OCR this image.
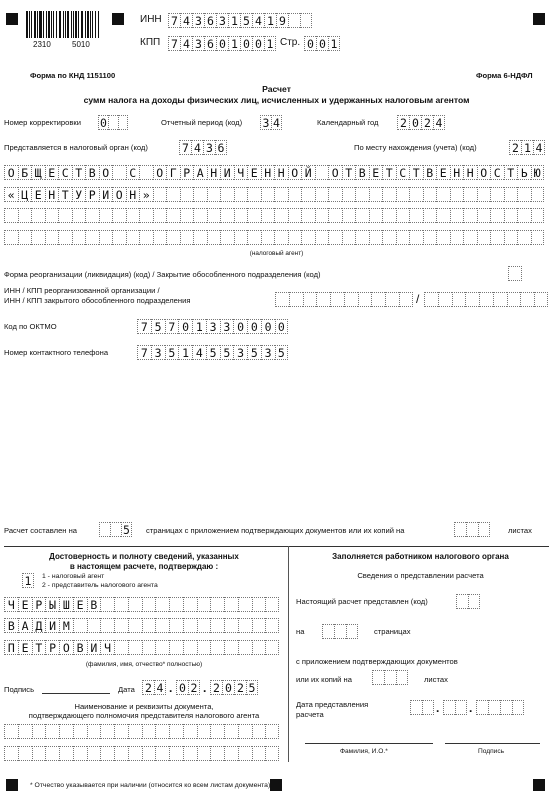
2310	5010
ИНН 7 4 3 6 3 1 5 4 1 9
КПП 7 4 3 6 0 1 0 0 1 Стр. 0 0 1
Форма по КНД 1151100	Форма 6-НДФЛ
Расчет
сумм налога на доходы физических лиц, исчисленных и удержанных налоговым агентом
Номер корректировки 0	Отчетный период (код) 3 4	Календарный год 2 0 2 4
Представляется в налоговый орган (код)	7 4 3 6	По месту нахождения (учета) (код)	2 1 4
О Б Щ Е С Т В О	С	О Г Р А Н И Ч Е Н Н О Й	О Т В Е Т С Т В Е Н Н О С Т Ь Ю
« Ц Е Н Т У Р И О Н »
(налоговый агент)
Форма реорганизации (ликвидация) (код) / Закрытие обособленного подразделения (код)
ИНН / КПП реорганизованной организации /
ИНН / КПП закрытого обособленного подразделения	/
Код по ОКТМО	7 5 7 0 1 3 3 0 0 0 0
Номер контактного телефона	7 3 5 1 4 5 5 3 5 3 5
Расчет составлен на	5 страницах с приложением подтверждающих документов или их копий на	листах
Достоверность и полноту сведений, указанных
в настоящем расчете, подтверждаю :
1	1 - налоговый агент
2 - представитель налогового агента
Ч Е Р Ы Ш Е В
В А Д И М
П Е Т Р О В И Ч
(фамилия, имя, отчество* полностью)
Подпись	Дата 2 4 . 0 2 . 2 0 2 5
Наименование и реквизиты документа,
подтверждающего полномочия представителя налогового агента
Заполняется работником налогового органа
Сведения о представлении расчета
Настоящий расчет представлен (код)
на	страницах
с приложением подтверждающих документов
или их копий на	листах
Дата представления
расчета	. .
Фамилия, И.О.*	Подпись
* Отчество указывается при наличии (относится ко всем листам документа)
